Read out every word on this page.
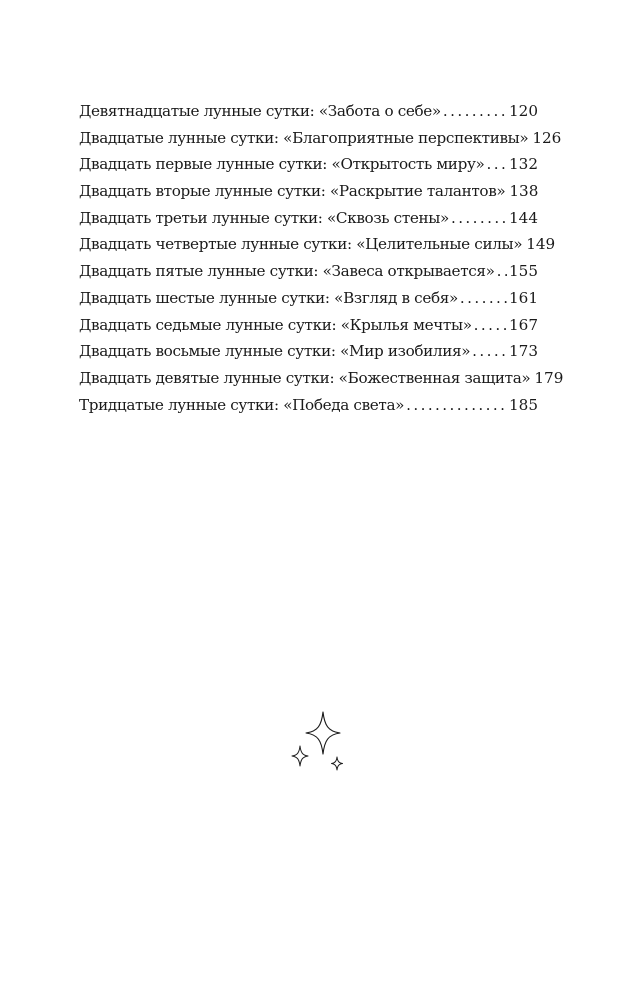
Девятнадцатые лунные сутки: «Забота о себе» .....	120
Двадцатые лунные сутки: «Благоприятные перспективы» 126
Двадцать первые лунные сутки: «Открытость миру» ..... 132
Двадцать вторые лунные сутки: «Раскрытие талантов» 138
Двадцать третьи лунные сутки: «Сквозь стены» .....	144
Двадцать четвертые лунные сутки: «Целительные силы» 149
Двадцать пятые лунные сутки: «Завеса открывается» ..... 155
Двадцать шестые лунные сутки: «Взгляд в себя» .....	161
Двадцать седьмые лунные сутки: «Крылья мечты» ..... 167
Двадцать восьмые лунные сутки: «Мир изобилия» .....	173
Двадцать девятые лунные сутки: «Божественная защита» 179
Тридцатые лунные сутки: «Победа света» .....	185
